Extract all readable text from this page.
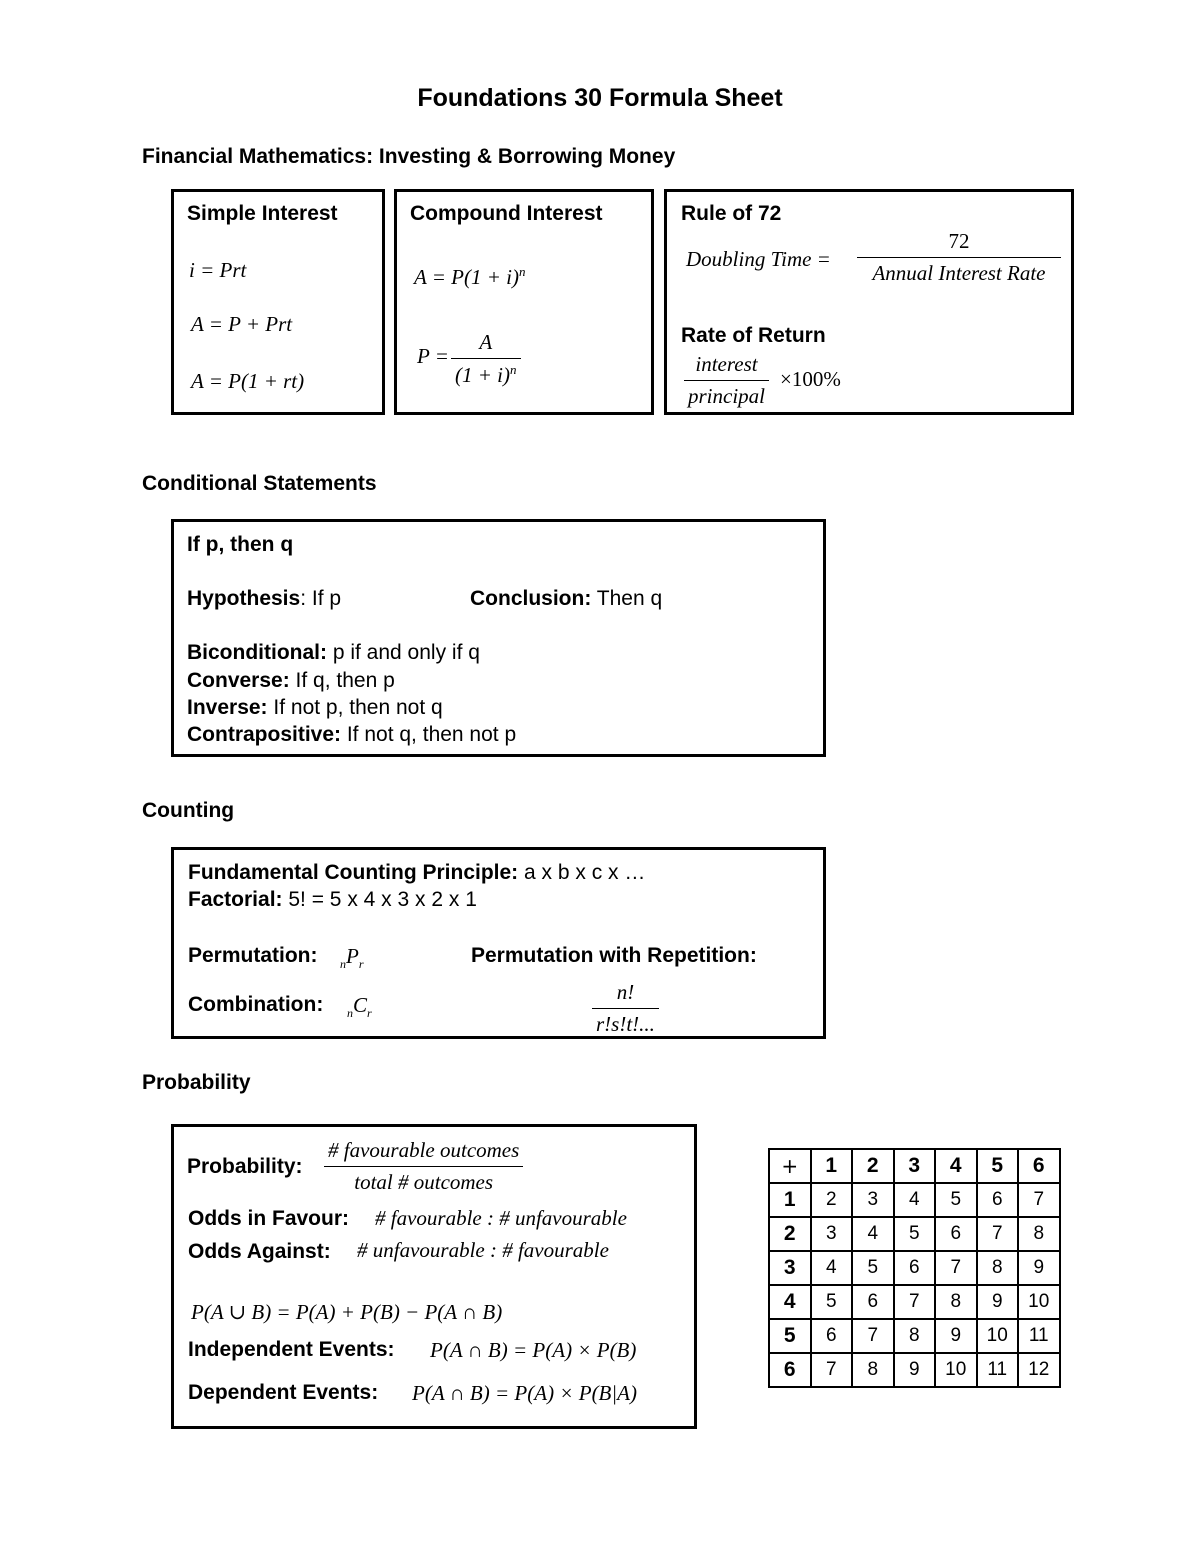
Foundations 30 Formula Sheet
Financial Mathematics: Investing & Borrowing Money
Simple Interest
i = Prt
A = P + Prt
A = P(1 + rt)
Compound Interest
$A = P(1 + i)^n$
P =
A
$(1 + i)^n$
Rule of 72
Doubling Time =
72
Annual Interest Rate
Rate of Return
interest
principal
×100%
Conditional Statements
If p, then q
Hypothesis: If p	Conclusion: Then q
Biconditional: p if and only if q
Converse: If q, then p
Inverse: If not p, then not q
Contrapositive: If not q, then not p
Counting
Fundamental Counting Principle: a x b x c x …
Factorial: 5! = 5 x 4 x 3 x 2 x 1
Permutation: $_nP_r$
Combination: $_nC_r$
Permutation with Repetition:
n!
r!s!t!...
Probability
Probability:
# favourable outcomes
total # outcomes
Odds in Favour: # favourable : # unfavourable
Odds Against: # unfavourable : # favourable
P(A ∪ B) = P(A) + P(B) − P(A ∩ B)
Independent Events: P(A ∩ B) = P(A) × P(B)
Dependent Events: P(A ∩ B) = P(A) × P(B|A)
+	1	2	3	4	5	6
1	2	3	4	5	6	7
2	3	4	5	6	7	8
3	4	5	6	7	8	9
4	5	6	7	8	9	10
5	6	7	8	9	10	11
6	7	8	9	10	11	12
